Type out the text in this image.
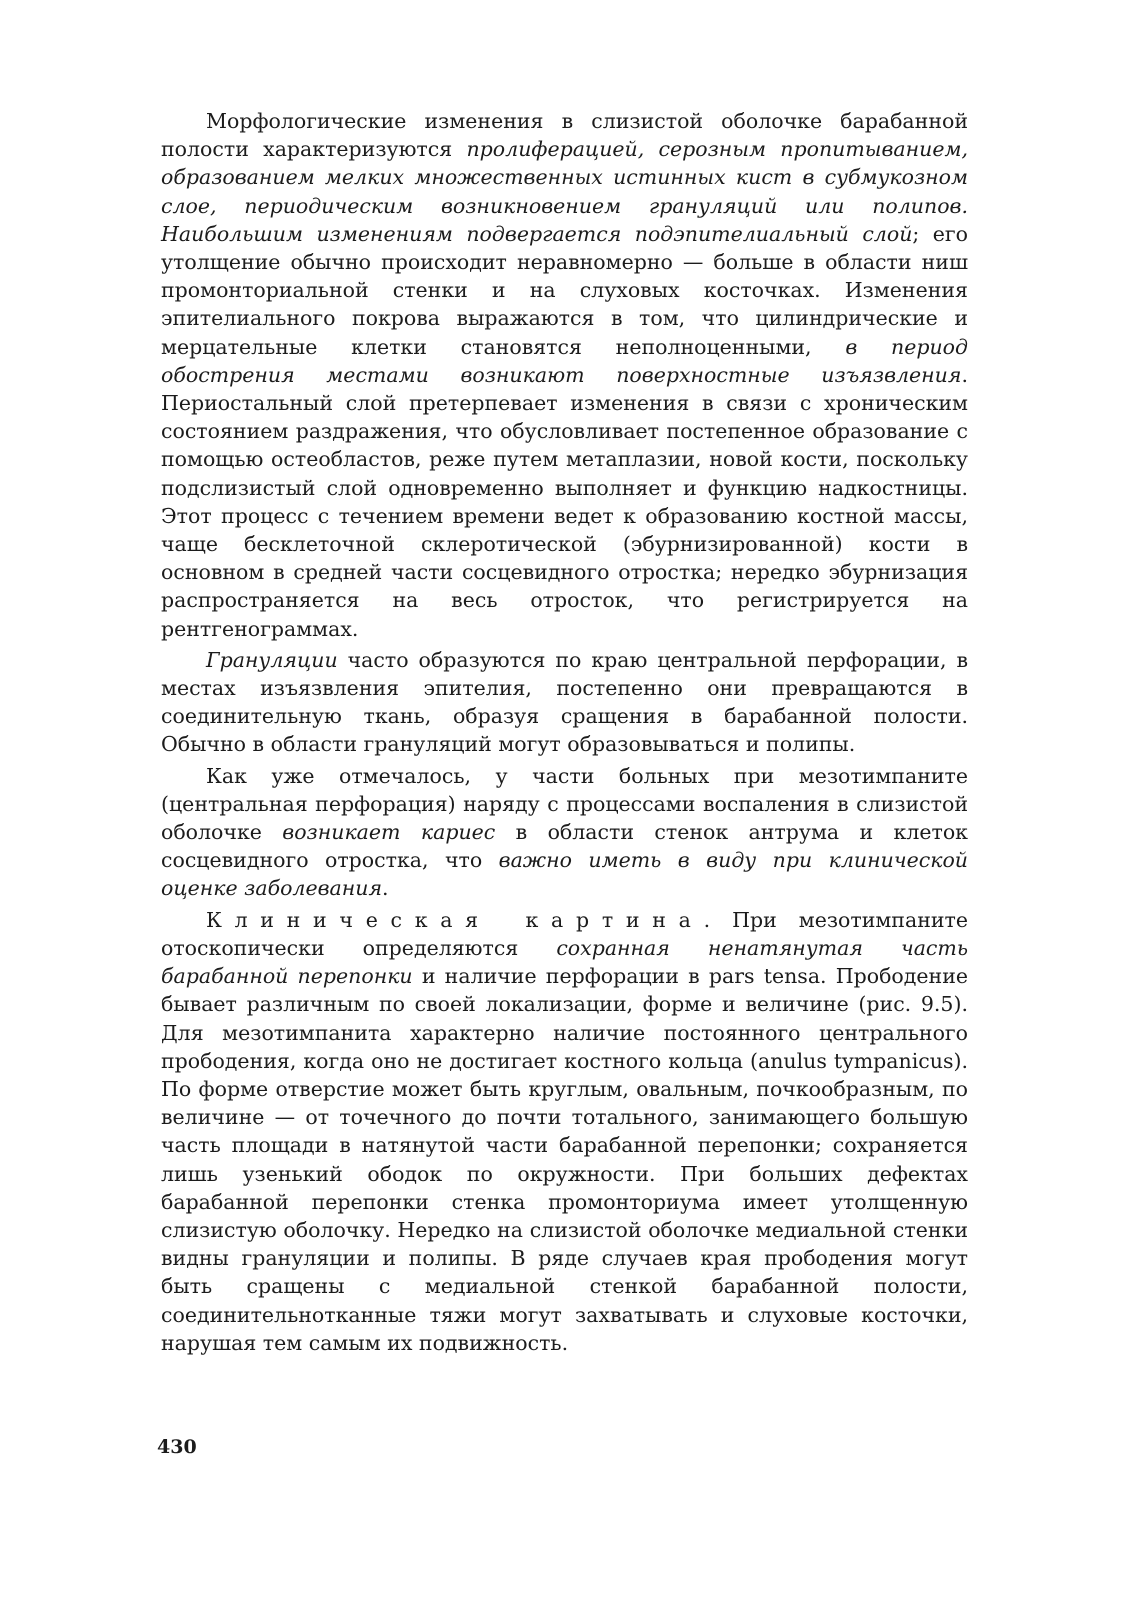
Морфологические изменения в слизистой оболочке барабанной полости характеризуются пролиферацией, серозным пропитыванием, образованием мелких множественных истинных кист в субмукозном слое, периодическим возникновением грануляций или полипов. Наибольшим изменениям подвергается подэпителиальный слой; его утолщение обычно происходит неравномерно — больше в области ниш промонториальной стенки и на слуховых косточках. Изменения эпителиального покрова выражаются в том, что цилиндрические и мерцательные клетки становятся неполноценными, в период обострения местами возникают поверхностные изъязвления. Периостальный слой претерпевает изменения в связи с хроническим состоянием раздражения, что обусловливает постепенное образование с помощью остеобластов, реже путем метаплазии, новой кости, поскольку подслизистый слой одновременно выполняет и функцию надкостницы. Этот процесс с течением времени ведет к образованию костной массы, чаще бесклеточной склеротической (эбурнизированной) кости в основном в средней части сосцевидного отростка; нередко эбурнизация распространяется на весь отросток, что регистрируется на рентгенограммах.

Грануляции часто образуются по краю центральной перфорации, в местах изъязвления эпителия, постепенно они превращаются в соединительную ткань, образуя сращения в барабанной полости. Обычно в области грануляций могут образовываться и полипы.

Как уже отмечалось, у части больных при мезотимпаните (центральная перфорация) наряду с процессами воспаления в слизистой оболочке возникает кариес в области стенок антрума и клеток сосцевидного отростка, что важно иметь в виду при клинической оценке заболевания.

Клиническая картина. При мезотимпаните отоскопически определяются сохранная ненатянутая часть барабанной перепонки и наличие перфорации в pars tensa. Прободение бывает различным по своей локализации, форме и величине (рис. 9.5). Для мезотимпанита характерно наличие постоянного центрального прободения, когда оно не достигает костного кольца (anulus tympanicus). По форме отверстие может быть круглым, овальным, почкообразным, по величине — от точечного до почти тотального, занимающего большую часть площади в натянутой части барабанной перепонки; сохраняется лишь узенький ободок по окружности. При больших дефектах барабанной перепонки стенка промонториума имеет утолщенную слизистую оболочку. Нередко на слизистой оболочке медиальной стенки видны грануляции и полипы. В ряде случаев края прободения могут быть сращены с медиальной стенкой барабанной полости, соединительнотканные тяжи могут захватывать и слуховые косточки, нарушая тем самым их подвижность.

430
